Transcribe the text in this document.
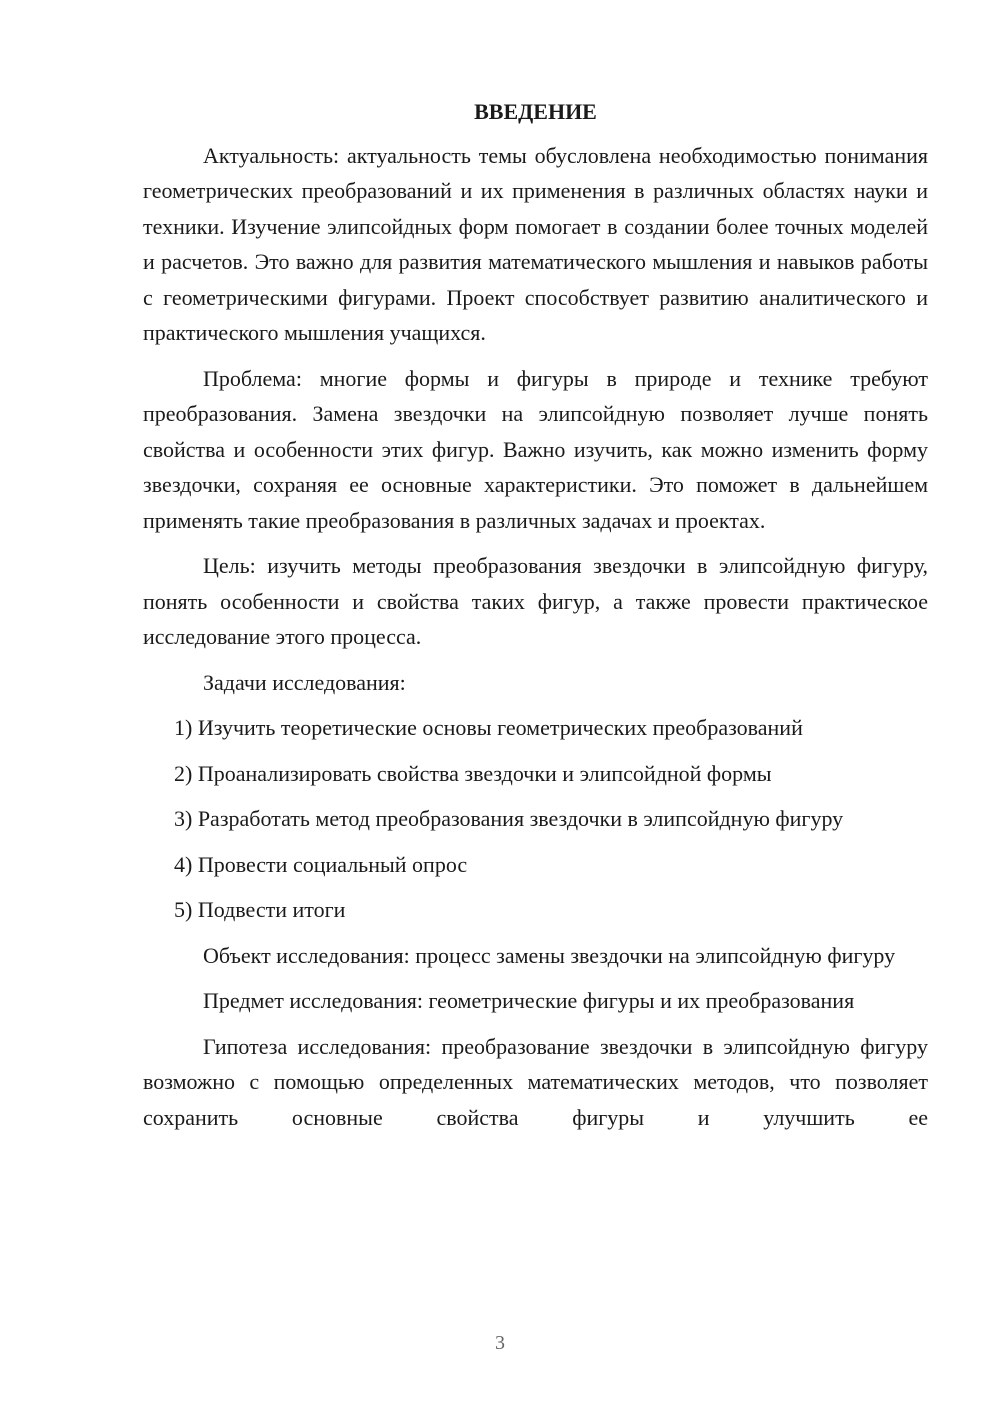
ВВЕДЕНИЕ

Актуальность: актуальность темы обусловлена необходимостью понимания геометрических преобразований и их применения в различных областях науки и техники. Изучение элипсойдных форм помогает в создании более точных моделей и расчетов. Это важно для развития математического мышления и навыков работы с геометрическими фигурами. Проект способствует развитию аналитического и практического мышления учащихся.

Проблема: многие формы и фигуры в природе и технике требуют преобразования. Замена звездочки на элипсойдную позволяет лучше понять свойства и особенности этих фигур. Важно изучить, как можно изменить форму звездочки, сохраняя ее основные характеристики. Это поможет в дальнейшем применять такие преобразования в различных задачах и проектах.

Цель: изучить методы преобразования звездочки в элипсойдную фигуру, понять особенности и свойства таких фигур, а также провести практическое исследование этого процесса.

Задачи исследования:

1) Изучить теоретические основы геометрических преобразований

2) Проанализировать свойства звездочки и элипсойдной формы

3) Разработать метод преобразования звездочки в элипсойдную фигуру

4) Провести социальный опрос

5) Подвести итоги

Объект исследования: процесс замены звездочки на элипсойдную фигуру

Предмет исследования: геометрические фигуры и их преобразования

Гипотеза исследования: преобразование звездочки в элипсойдную фигуру возможно с помощью определенных математических методов, что позволяет сохранить основные свойства фигуры и улучшить ее

3
